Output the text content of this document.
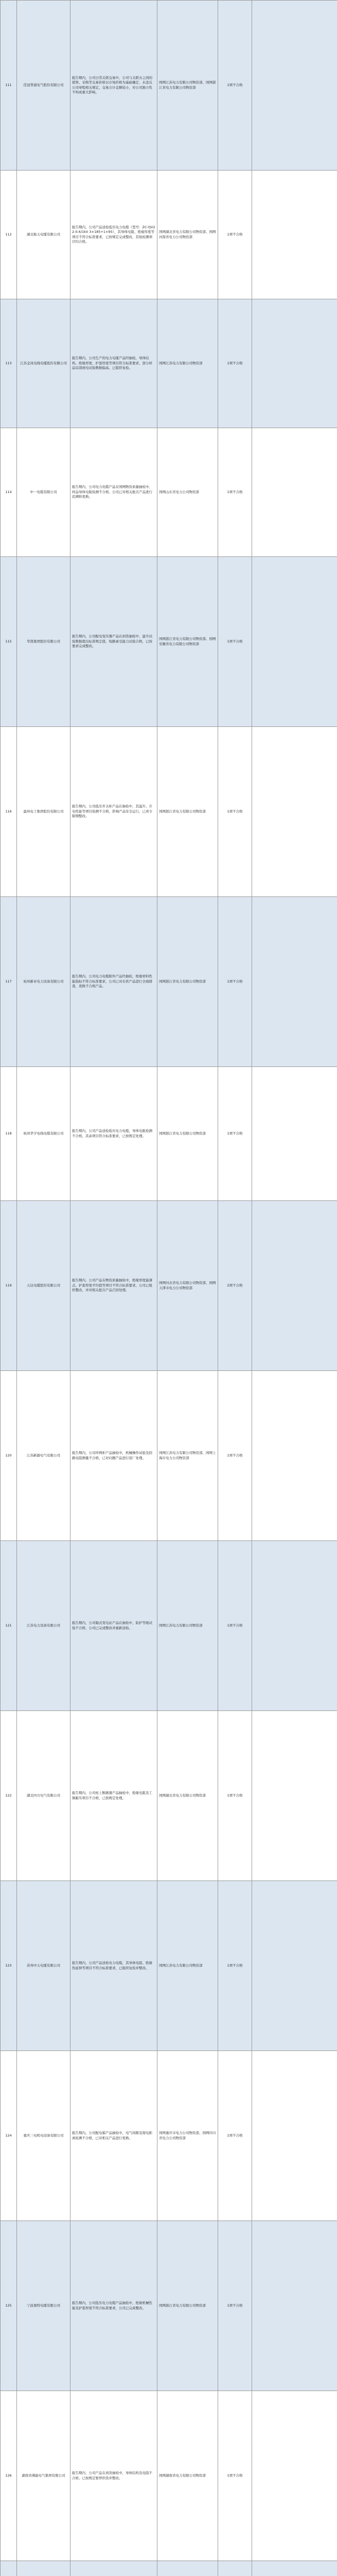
111	佳冠普通电气股份有限公司	报告期内，公司日常关联交易中，公司与关联方之间的销售、采购等交易价格以市场价格为基础确定，未违反公司章程相关规定，交易合计金额较小，对公司独立性不构成重大影响。	国网江苏电力有限公司物资部、国网浙江省电力有限公司物资部	1项不合格	
112	湖北航天电缆有限公司	报告期内，公司产品送检低压电力电缆（型号：ZC-YJV22-0.6/1kV 3×185+1×95），其导体电阻、绝缘厚度等项目不符合标准要求，已按规定完成整改，其他检测项目均合格。	国网湖北省电力有限公司物资部、国网河南省电力公司物资部	1项不合格	
113	江苏金凤电线电缆股份有限公司	报告期内，公司生产的电力电缆产品经抽检，导体结构、绝缘厚度、护套厚度等项目符合标准要求，部分样品局部放电试验数据偏高，已组织复检。	国网江苏电力有限公司物资部	1项不合格	
114	中一电缆有限公司	报告期内，公司电力电缆产品在国网物资质量抽检中，样品导体电阻检测不合格，公司已对相关批次产品进行追溯和更换。	国网山东省电力公司物资部	1项不合格	
115	华凯集团股份有限公司	报告期内，公司配电变压器产品在到货抽检中，温升试验数据超出标准规定值，短路承受能力试验合格，已按要求完成整改。	国网浙江省电力有限公司物资部、国网安徽省电力有限公司物资部	1项不合格	
116	温州电工集团股份有限公司	报告期内，公司低压开关柜产品在抽检中，其温升、介电性能等项目检测不合格，影响产品安全运行，已责令限期整改。	国网浙江省电力有限公司物资部	1项不合格	
117	杭州新亚电力设备有限公司	报告期内，公司电力电缆附件产品经抽检，绝缘材料性能指标不符合标准要求，公司已对在供产品进行全面排查，更换不合格产品。	国网浙江省电力有限公司物资部	1项不合格	
118	杭州华宇电线电缆有限公司	报告期内，公司产品送检低压电力电缆，导体电阻检测不合格，其余项目符合标准要求，已按规定处理。	国网浙江省电力有限公司物资部	1项不合格	
119	天达电缆股份有限公司	报告期内，公司产品在物资质量抽检中，绝缘厚度最薄点、护套厚度平均值等项目不符合标准要求，公司已组织整改，并对相关批次产品召回处理。	国网河北省电力有限公司物资部、国网天津市电力公司物资部	2项不合格	
120	江苏新源电气有限公司	报告期内，公司环网柜产品抽检中，机械操作试验及回路电阻测量不合格，已对问题产品进行返厂处理。	国网江苏电力有限公司物资部、国网上海市电力公司物资部	1项不合格	
121	江苏电力设备有限公司	报告期内，公司箱式变电站产品在抽检中，防护等级试验不合格，公司已完成整改并重新送检。	国网江苏电力有限公司物资部	1项不合格	
122	湖北四方电气有限公司	报告期内，公司柱上断路器产品抽检中，绝缘电阻及工频耐压项目不合格，已按规定处理。	国网湖北省电力有限公司物资部	1项不合格	
123	苏州中天电缆有限公司	报告期内，公司产品送检电力电缆，其导体电阻、绝缘热延伸等项目不符合标准要求，已组织复检并整改。	国网江苏电力有限公司物资部	1项不合格	
124	重庆三电机电设备有限公司	报告期内，公司配电箱产品抽检中，电气间隙及爬电距离检测不合格，已对相关产品进行更换。	国网重庆市电力公司物资部、国网四川省电力公司物资部	1项不合格	
125	宁波奥特电缆有限公司	报告期内，公司低压电力电缆产品抽检中，绝缘机械性能及护套厚度不符合标准要求，公司已完成整改。	国网浙江省电力有限公司物资部	1项不合格	
126	湖南省湘能电气集团有限公司	报告期内，公司产品在到货抽检中，导体结构及电阻不合格，已按规定暂停供货并整改。	国网湖南省电力有限公司物资部	1项不合格	
